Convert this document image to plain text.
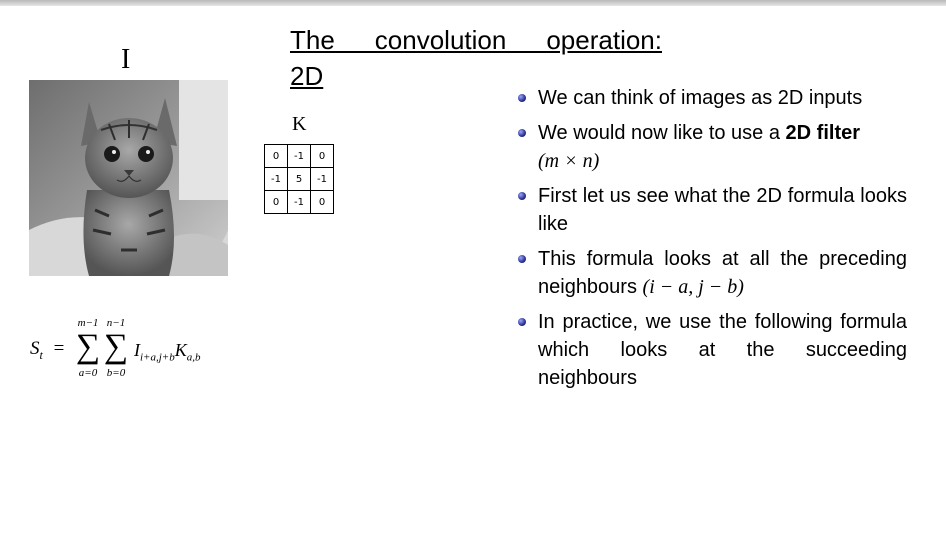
The convolution operation:
2D
I
K
0	-1	0
-1	5	-1
0	-1	0
$S_t$ =
m−1
∑
a=0
n−1
∑
b=0
$I_{i+a,j+b}K_{a,b}$
We can think of images as 2D inputs
We would now like to use a 2D filter
(m × n)
First let us see what the 2D formula looks like
This formula looks at all the preceding neighbours (i − a, j − b)
In practice, we use the following formula which looks at the succeeding neighbours
